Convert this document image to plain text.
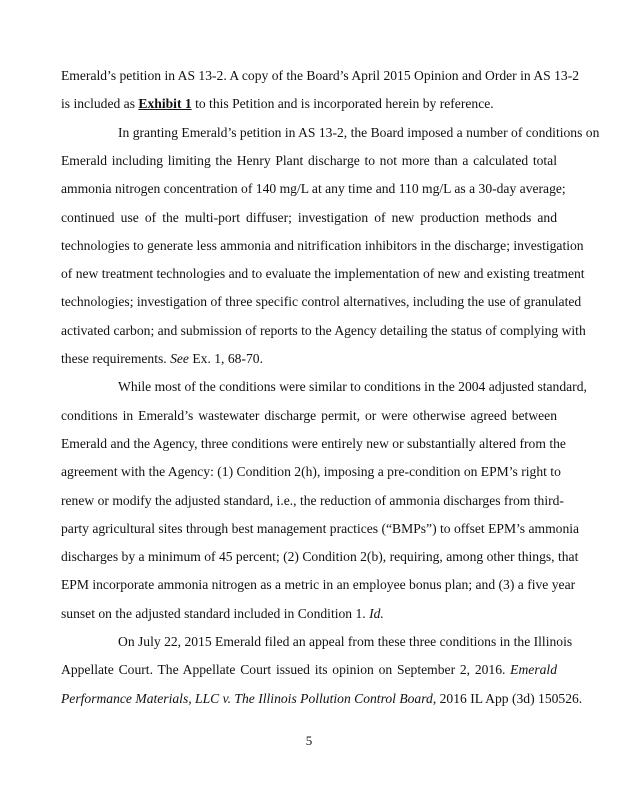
Emerald’s petition in AS 13-2. A copy of the Board’s April 2015 Opinion and Order in AS 13-2
is included as Exhibit 1 to this Petition and is incorporated herein by reference.
In granting Emerald’s petition in AS 13-2, the Board imposed a number of conditions on
Emerald including limiting the Henry Plant discharge to not more than a calculated total
ammonia nitrogen concentration of 140 mg/L at any time and 110 mg/L as a 30-day average;
continued use of the multi-port diffuser; investigation of new production methods and
technologies to generate less ammonia and nitrification inhibitors in the discharge; investigation
of new treatment technologies and to evaluate the implementation of new and existing treatment
technologies; investigation of three specific control alternatives, including the use of granulated
activated carbon; and submission of reports to the Agency detailing the status of complying with
these requirements. See Ex. 1, 68-70.
While most of the conditions were similar to conditions in the 2004 adjusted standard,
conditions in Emerald’s wastewater discharge permit, or were otherwise agreed between
Emerald and the Agency, three conditions were entirely new or substantially altered from the
agreement with the Agency: (1) Condition 2(h), imposing a pre-condition on EPM’s right to
renew or modify the adjusted standard, i.e., the reduction of ammonia discharges from third-
party agricultural sites through best management practices (“BMPs”) to offset EPM’s ammonia
discharges by a minimum of 45 percent; (2) Condition 2(b), requiring, among other things, that
EPM incorporate ammonia nitrogen as a metric in an employee bonus plan; and (3) a five year
sunset on the adjusted standard included in Condition 1. Id.
On July 22, 2015 Emerald filed an appeal from these three conditions in the Illinois
Appellate Court. The Appellate Court issued its opinion on September 2, 2016. Emerald
Performance Materials, LLC v. The Illinois Pollution Control Board, 2016 IL App (3d) 150526.
5
